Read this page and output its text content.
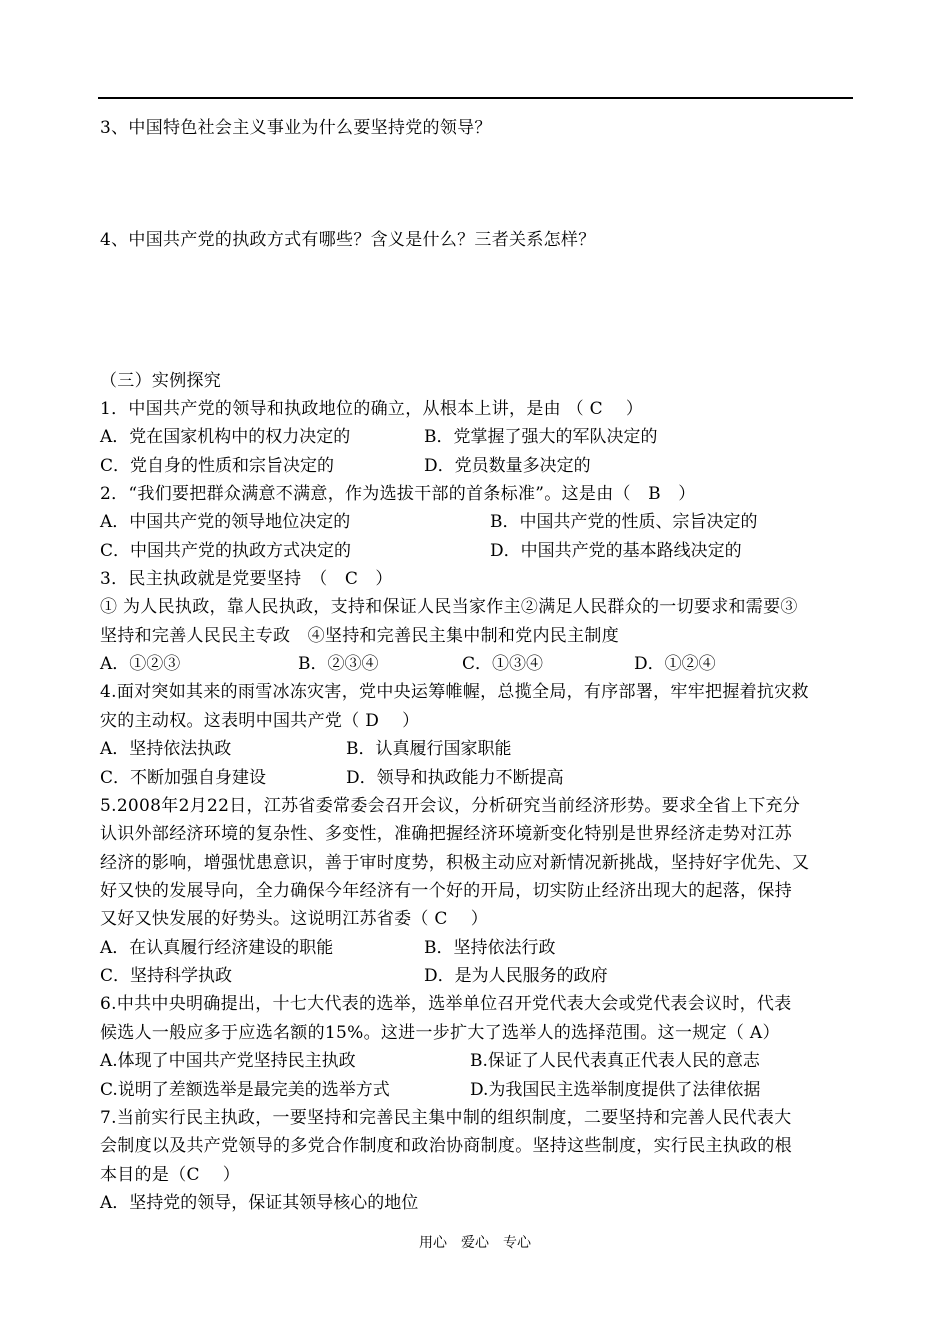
3、中国特色社会主义事业为什么要坚持党的领导？
4、中国共产党的执政方式有哪些？含义是什么？三者关系怎样？
（三）实例探究
1．中国共产党的领导和执政地位的确立，从根本上讲，是由 （ C　 ）
A．党在国家机构中的权力决定的	B．党掌握了强大的军队决定的
C．党自身的性质和宗旨决定的	D．党员数量多决定的
2．“我们要把群众满意不满意，作为选拔干部的首条标准”。这是由（　B　）
A．中国共产党的领导地位决定的	B．中国共产党的性质、宗旨决定的
C．中国共产党的执政方式决定的	D．中国共产党的基本路线决定的
3．民主执政就是党要坚持　（　C　）
① 为人民执政，靠人民执政，支持和保证人民当家作主②满足人民群众的一切要求和需要③
坚持和完善人民民主专政　④坚持和完善民主集中制和党内民主制度
A．①②③	B．②③④	C．①③④	D．①②④
4.面对突如其来的雨雪冰冻灾害，党中央运筹帷幄，总揽全局，有序部署，牢牢把握着抗灾救
灾的主动权。这表明中国共产党（ D　 ）
A．坚持依法执政	B．认真履行国家职能
C．不断加强自身建设	D．领导和执政能力不断提高
5.2008年2月22日，江苏省委常委会召开会议，分析研究当前经济形势。要求全省上下充分
认识外部经济环境的复杂性、多变性，准确把握经济环境新变化特别是世界经济走势对江苏
经济的影响，增强忧患意识，善于审时度势，积极主动应对新情况新挑战，坚持好字优先、又
好又快的发展导向，全力确保今年经济有一个好的开局，切实防止经济出现大的起落，保持
又好又快发展的好势头。这说明江苏省委（ C　 ）
A．在认真履行经济建设的职能	B．坚持依法行政
C．坚持科学执政	D．是为人民服务的政府
6.中共中央明确提出，十七大代表的选举，选举单位召开党代表大会或党代表会议时，代表
候选人一般应多于应选名额的15%。这进一步扩大了选举人的选择范围。这一规定（ A）
A.体现了中国共产党坚持民主执政	B.保证了人民代表真正代表人民的意志
C.说明了差额选举是最完美的选举方式	D.为我国民主选举制度提供了法律依据
7.当前实行民主执政，一要坚持和完善民主集中制的组织制度，二要坚持和完善人民代表大
会制度以及共产党领导的多党合作制度和政治协商制度。坚持这些制度，实行民主执政的根
本目的是（C　 ）
A．坚持党的领导，保证其领导核心的地位
用心　爱心　专心
